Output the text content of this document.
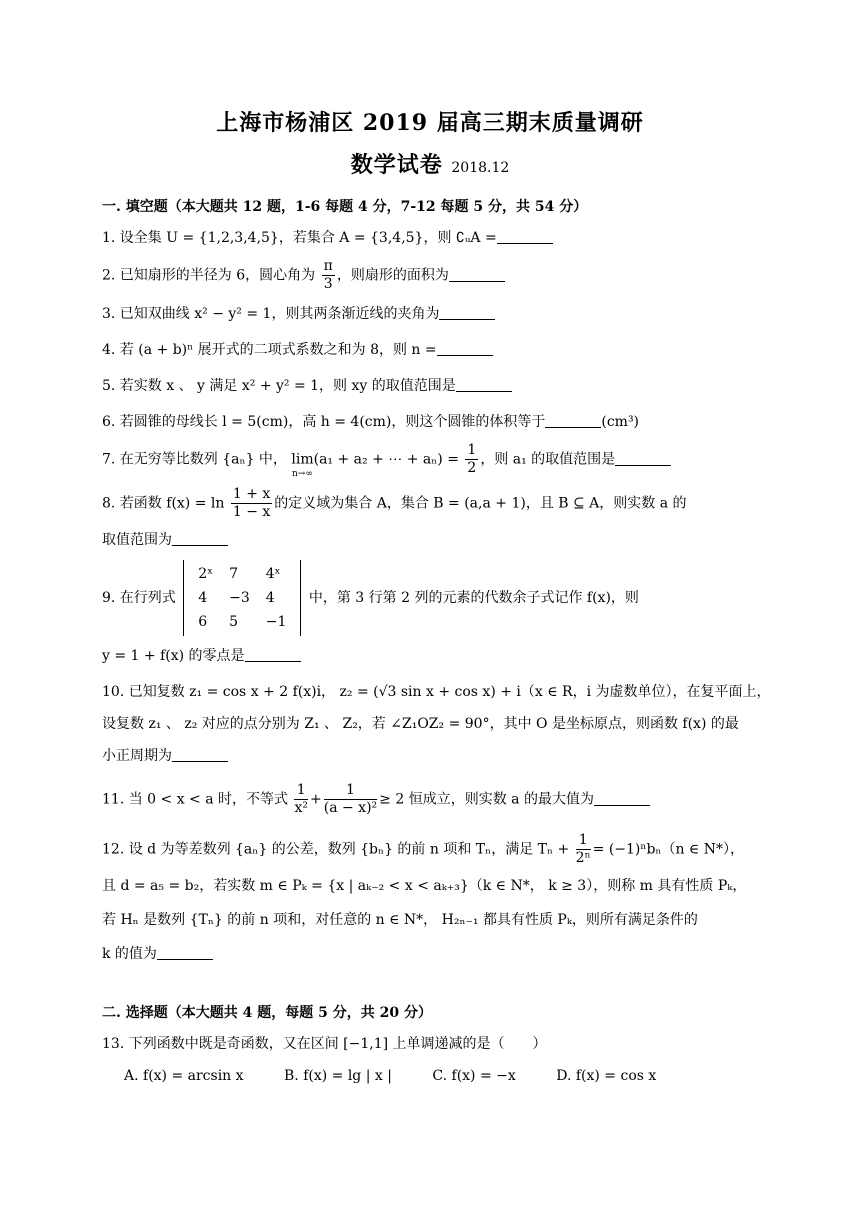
上海市杨浦区 2019 届高三期末质量调研
数学试卷 2018.12
一. 填空题（本大题共 12 题，1-6 每题 4 分，7-12 每题 5 分，共 54 分）
1. 设全集 U = {1,2,3,4,5}，若集合 A = {3,4,5}，则 ∁ᵤA =
2. 已知扇形的半径为 6，圆心角为 $\frac{\pi}{3}$ ，则扇形的面积为
3. 已知双曲线 x² − y² = 1，则其两条渐近线的夹角为
4. 若 (a + b)ⁿ 展开式的二项式系数之和为 8，则 n =
5. 若实数 x 、 y 满足 x² + y² = 1，则 xy 的取值范围是
6. 若圆锥的母线长 l = 5(cm)，高 h = 4(cm)，则这个圆锥的体积等于	(cm³)
7. 在无穷等比数列 {aₙ} 中， lim(a₁ + a₂ + ⋯ + $a_n) = \frac{1}{2}$ ，则 a₁ 的取值范围是
n→∞
8. 若函数 $f(x) = \ln \frac{1 + x}{1 - x}$ 的定义域为集合 A，集合 B = (a,a + 1)，且 B ⊆ A，则实数 a 的
取值范围为
9. 在行列式
2ˣ	7	4ˣ
4	−3	4
6	5	−1
中，第 3 行第 2 列的元素的代数余子式记作 f(x)，则
y = 1 + f(x) 的零点是
10. 已知复数 z₁ = cos x + 2 f(x)i， z₂ = (√3 sin x + cos x) + i（x ∈ R，i 为虚数单位），在复平面上，
设复数 z₁ 、 z₂ 对应的点分别为 Z₁ 、 Z₂，若 ∠Z₁OZ₂ = 90°，其中 O 是坐标原点，则函数 f(x) 的最
小正周期为
11. 当 0 < x < a 时，不等式 $\frac{1}{\text{x²}} + \frac{1}{\text{(a − x)²}} \ge 2$ 恒成立，则实数 a 的最大值为
12. 设 d 为等差数列 {aₙ} 的公差，数列 {bₙ} 的前 n 项和 Tₙ，满足 $T_n + \frac{1}{\text{2ⁿ}} = (-1)^nb_n(n$ ∈ N*），
且 d = a₅ = b₂，若实数 m ∈ Pₖ = {x | aₖ₋₂ < x < aₖ₊₃}（k ∈ N*， k ≥ 3），则称 m 具有性质 Pₖ，
若 Hₙ 是数列 {Tₙ} 的前 n 项和，对任意的 n ∈ N*， H₂ₙ₋₁ 都具有性质 Pₖ，则所有满足条件的
k 的值为
二. 选择题（本大题共 4 题，每题 5 分，共 20 分）
13. 下列函数中既是奇函数，又在区间 [−1,1] 上单调递减的是（　　）
A. f(x) = arcsin x	B. f(x) = lg | x |	C. f(x) = −x	D. f(x) = cos x
